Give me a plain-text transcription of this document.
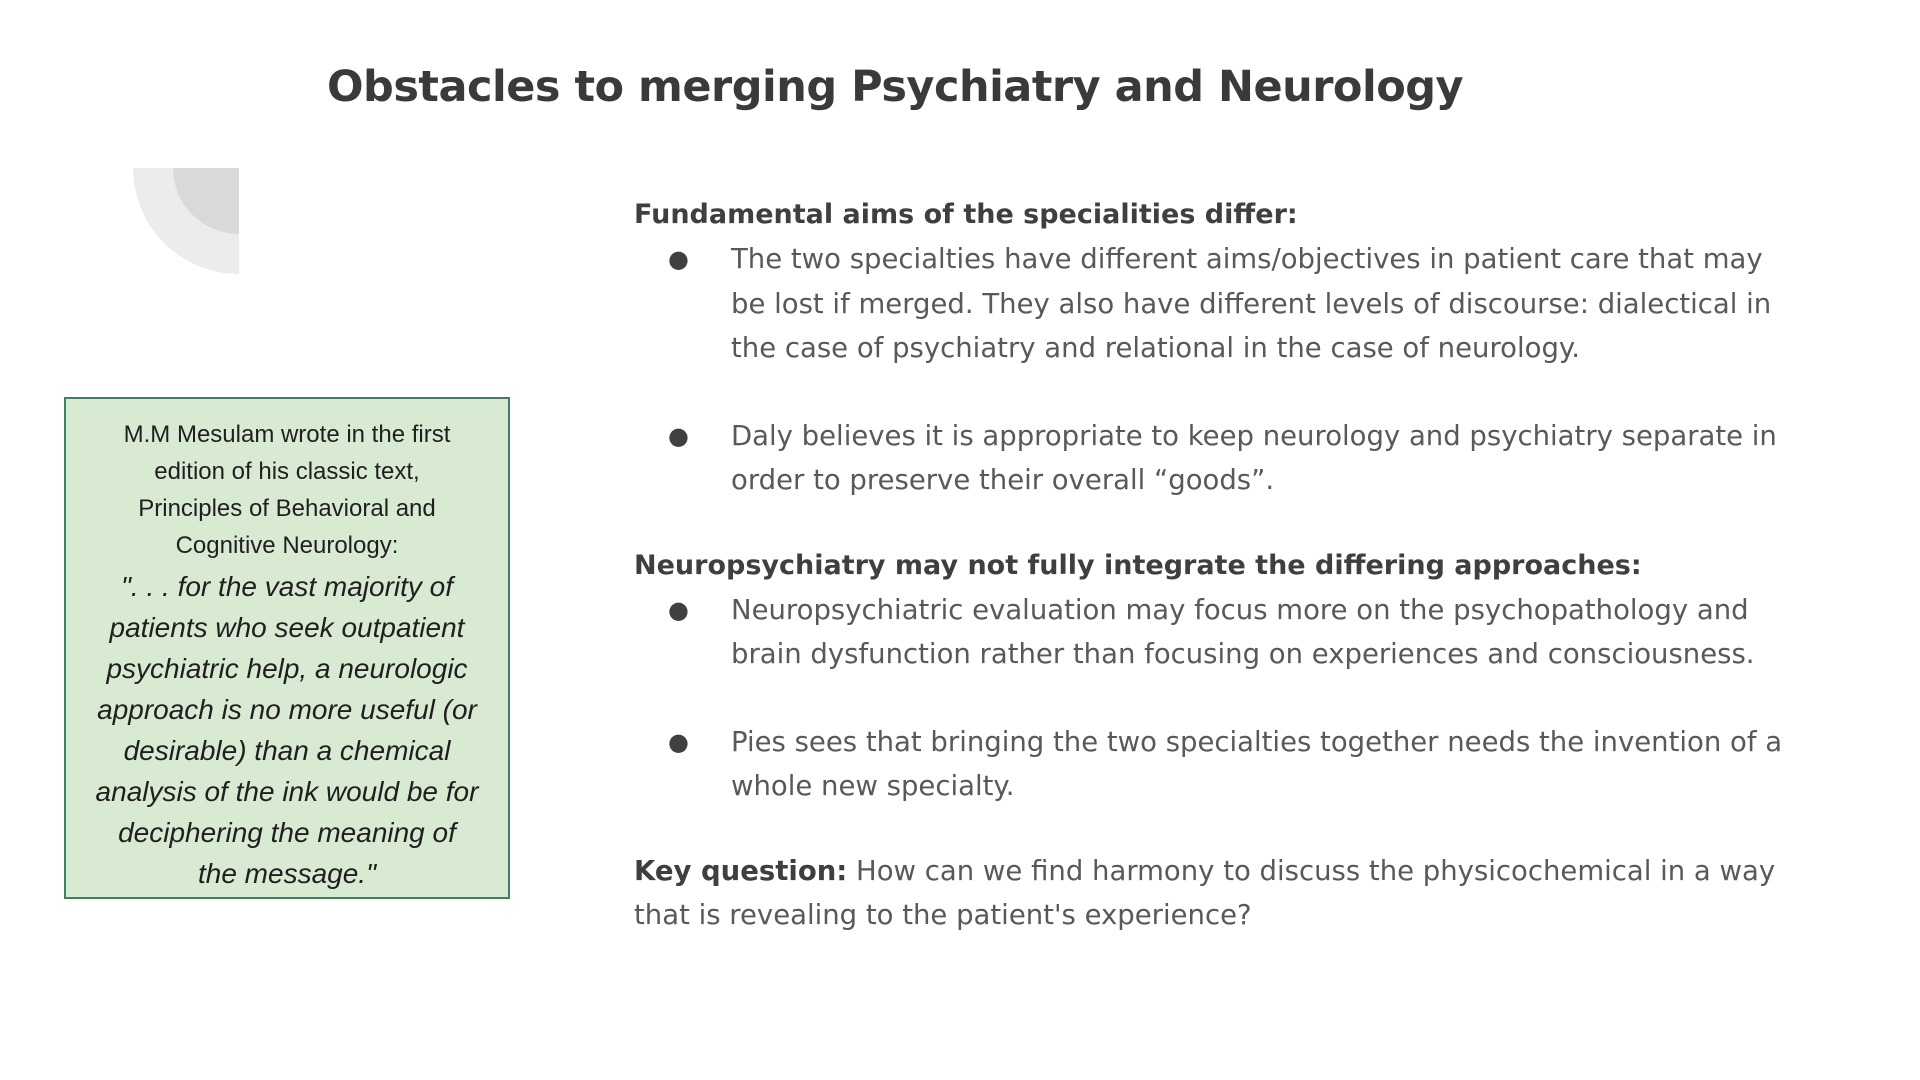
Obstacles to merging Psychiatry and Neurology
M.M Mesulam wrote in the first
edition of his classic text,
Principles of Behavioral and
Cognitive Neurology:
". . . for the vast majority of
patients who seek outpatient
psychiatric help, a neurologic
approach is no more useful (or
desirable) than a chemical
analysis of the ink would be for
deciphering the meaning of
the message."

Fundamental aims of the specialities differ:

● The two specialties have different aims/objectives in patient care that may
be lost if merged. They also have different levels of discourse: dialectical in
the case of psychiatry and relational in the case of neurology.
● Daly believes it is appropriate to keep neurology and psychiatry separate in
order to preserve their overall “goods”.

Neuropsychiatry may not fully integrate the differing approaches:

● Neuropsychiatric evaluation may focus more on the psychopathology and
brain dysfunction rather than focusing on experiences and consciousness.
● Pies sees that bringing the two specialties together needs the invention of a
whole new specialty.
Key question: How can we find harmony to discuss the physicochemical in a way
that is revealing to the patient's experience?
